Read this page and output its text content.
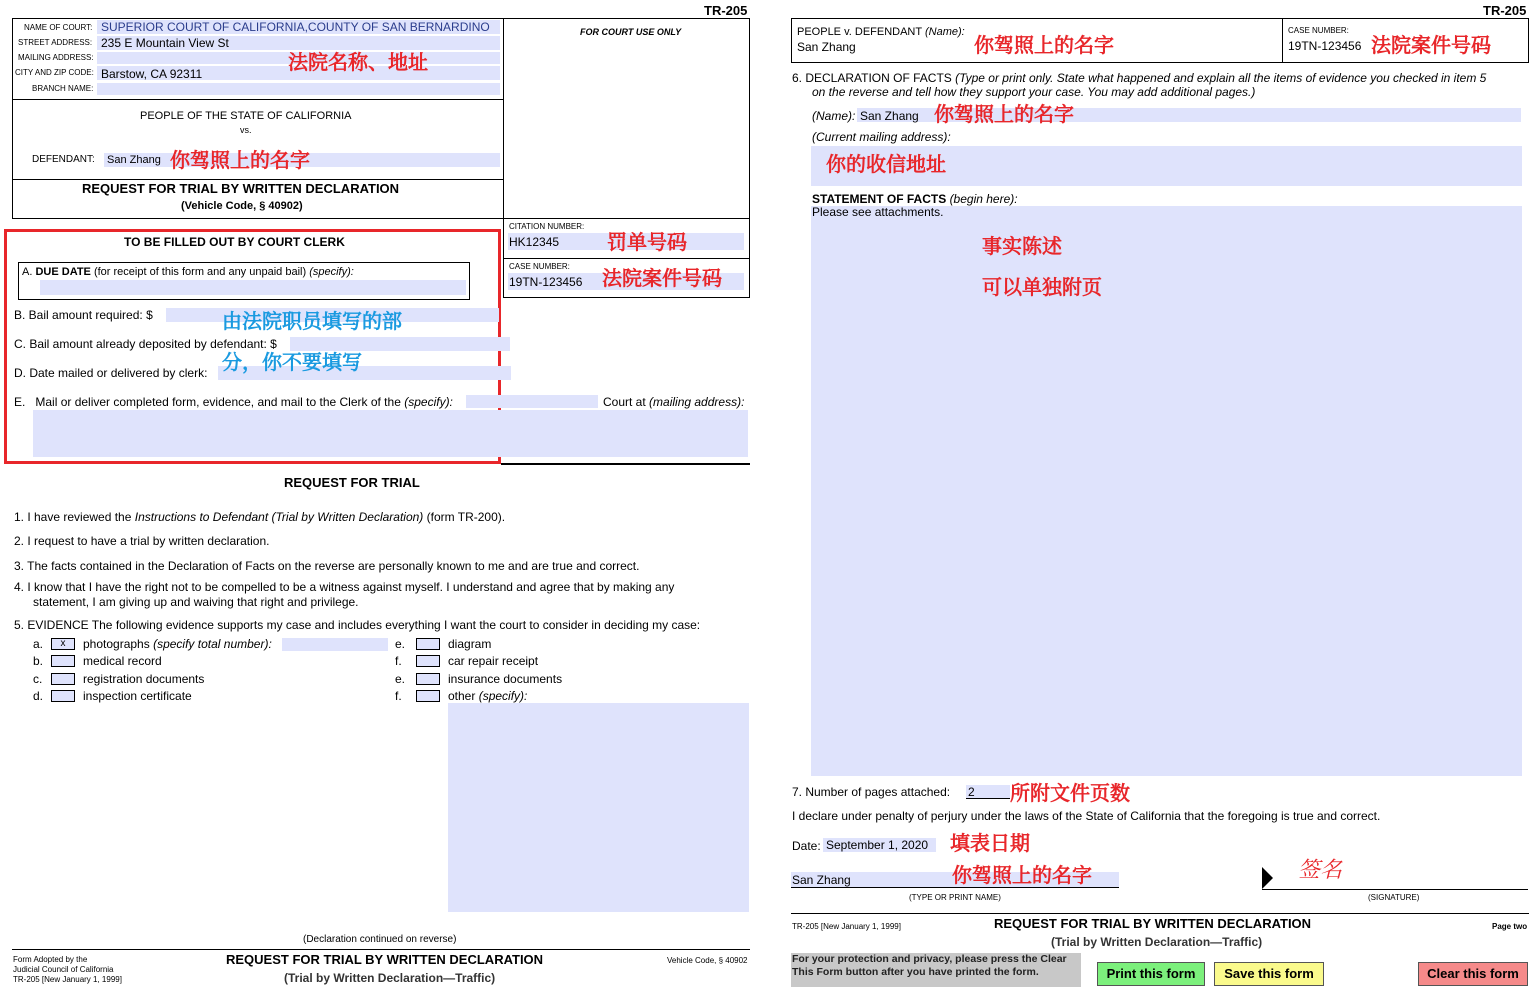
TR-205
FOR COURT USE ONLY
NAME OF COURT: SUPERIOR COURT OF CALIFORNIA,COUNTY OF SAN BERNARDINO
STREET ADDRESS: 235 E Mountain View St
MAILING ADDRESS:
CITY AND ZIP CODE: Barstow, CA 92311
BRANCH NAME:
法院名称、地址
PEOPLE OF THE STATE OF CALIFORNIA
vs.
DEFENDANT: San Zhang 你驾照上的名字
REQUEST FOR TRIAL BY WRITTEN DECLARATION
(Vehicle Code, § 40902)
CITATION NUMBER:
HK12345 罚单号码
CASE NUMBER:
19TN-123456 法院案件号码
TO BE FILLED OUT BY COURT CLERK
A. DUE DATE (for receipt of this form and any unpaid bail) (specify):
B. Bail amount required: $
C. Bail amount already deposited by defendant: $
D. Date mailed or delivered by clerk:
由法院职员填写的部
分，你不要填写
E. Mail or deliver completed form, evidence, and mail to the Clerk of the (specify):	Court at (mailing address):
REQUEST FOR TRIAL
1. I have reviewed the Instructions to Defendant (Trial by Written Declaration) (form TR-200).
2. I request to have a trial by written declaration.
3. The facts contained in the Declaration of Facts on the reverse are personally known to me and are true and correct.
4. I know that I have the right not to be compelled to be a witness against myself. I understand and agree that by making any
statement, I am giving up and waiving that right and privilege.
5. EVIDENCE The following evidence supports my case and includes everything I want the court to consider in deciding my case:
a.	x	photographs (specify total number):
b.	medical record
c.	registration documents
d.	inspection certificate
e.	diagram
f.	car repair receipt
e.	insurance documents
f.	other (specify):
(Declaration continued on reverse)
Form Adopted by the
Judicial Council of California
TR-205 [New January 1, 1999]
REQUEST FOR TRIAL BY WRITTEN DECLARATION
(Trial by Written Declaration—Traffic)
Vehicle Code, § 40902
TR-205
PEOPLE v. DEFENDANT (Name):
San Zhang	你驾照上的名字
CASE NUMBER:
19TN-123456 法院案件号码
6. DECLARATION OF FACTS (Type or print only. State what happened and explain all the items of evidence you checked in item 5
on the reverse and tell how they support your case. You may add additional pages.)
(Name): San Zhang 你驾照上的名字
(Current mailing address):
你的收信地址
STATEMENT OF FACTS (begin here):
Please see attachments.
事实陈述
可以单独附页
7. Number of pages attached: 2 所附文件页数
I declare under penalty of perjury under the laws of the State of California that the foregoing is true and correct.
Date: September 1, 2020 填表日期
San Zhang	你驾照上的名字
(TYPE OR PRINT NAME)
签名
(SIGNATURE)
TR-205 [New January 1, 1999]	REQUEST FOR TRIAL BY WRITTEN DECLARATION
(Trial by Written Declaration—Traffic)
Page two
For your protection and privacy, please press the Clear This Form button after you have printed the form.	Print this form	Save this form	Clear this form
